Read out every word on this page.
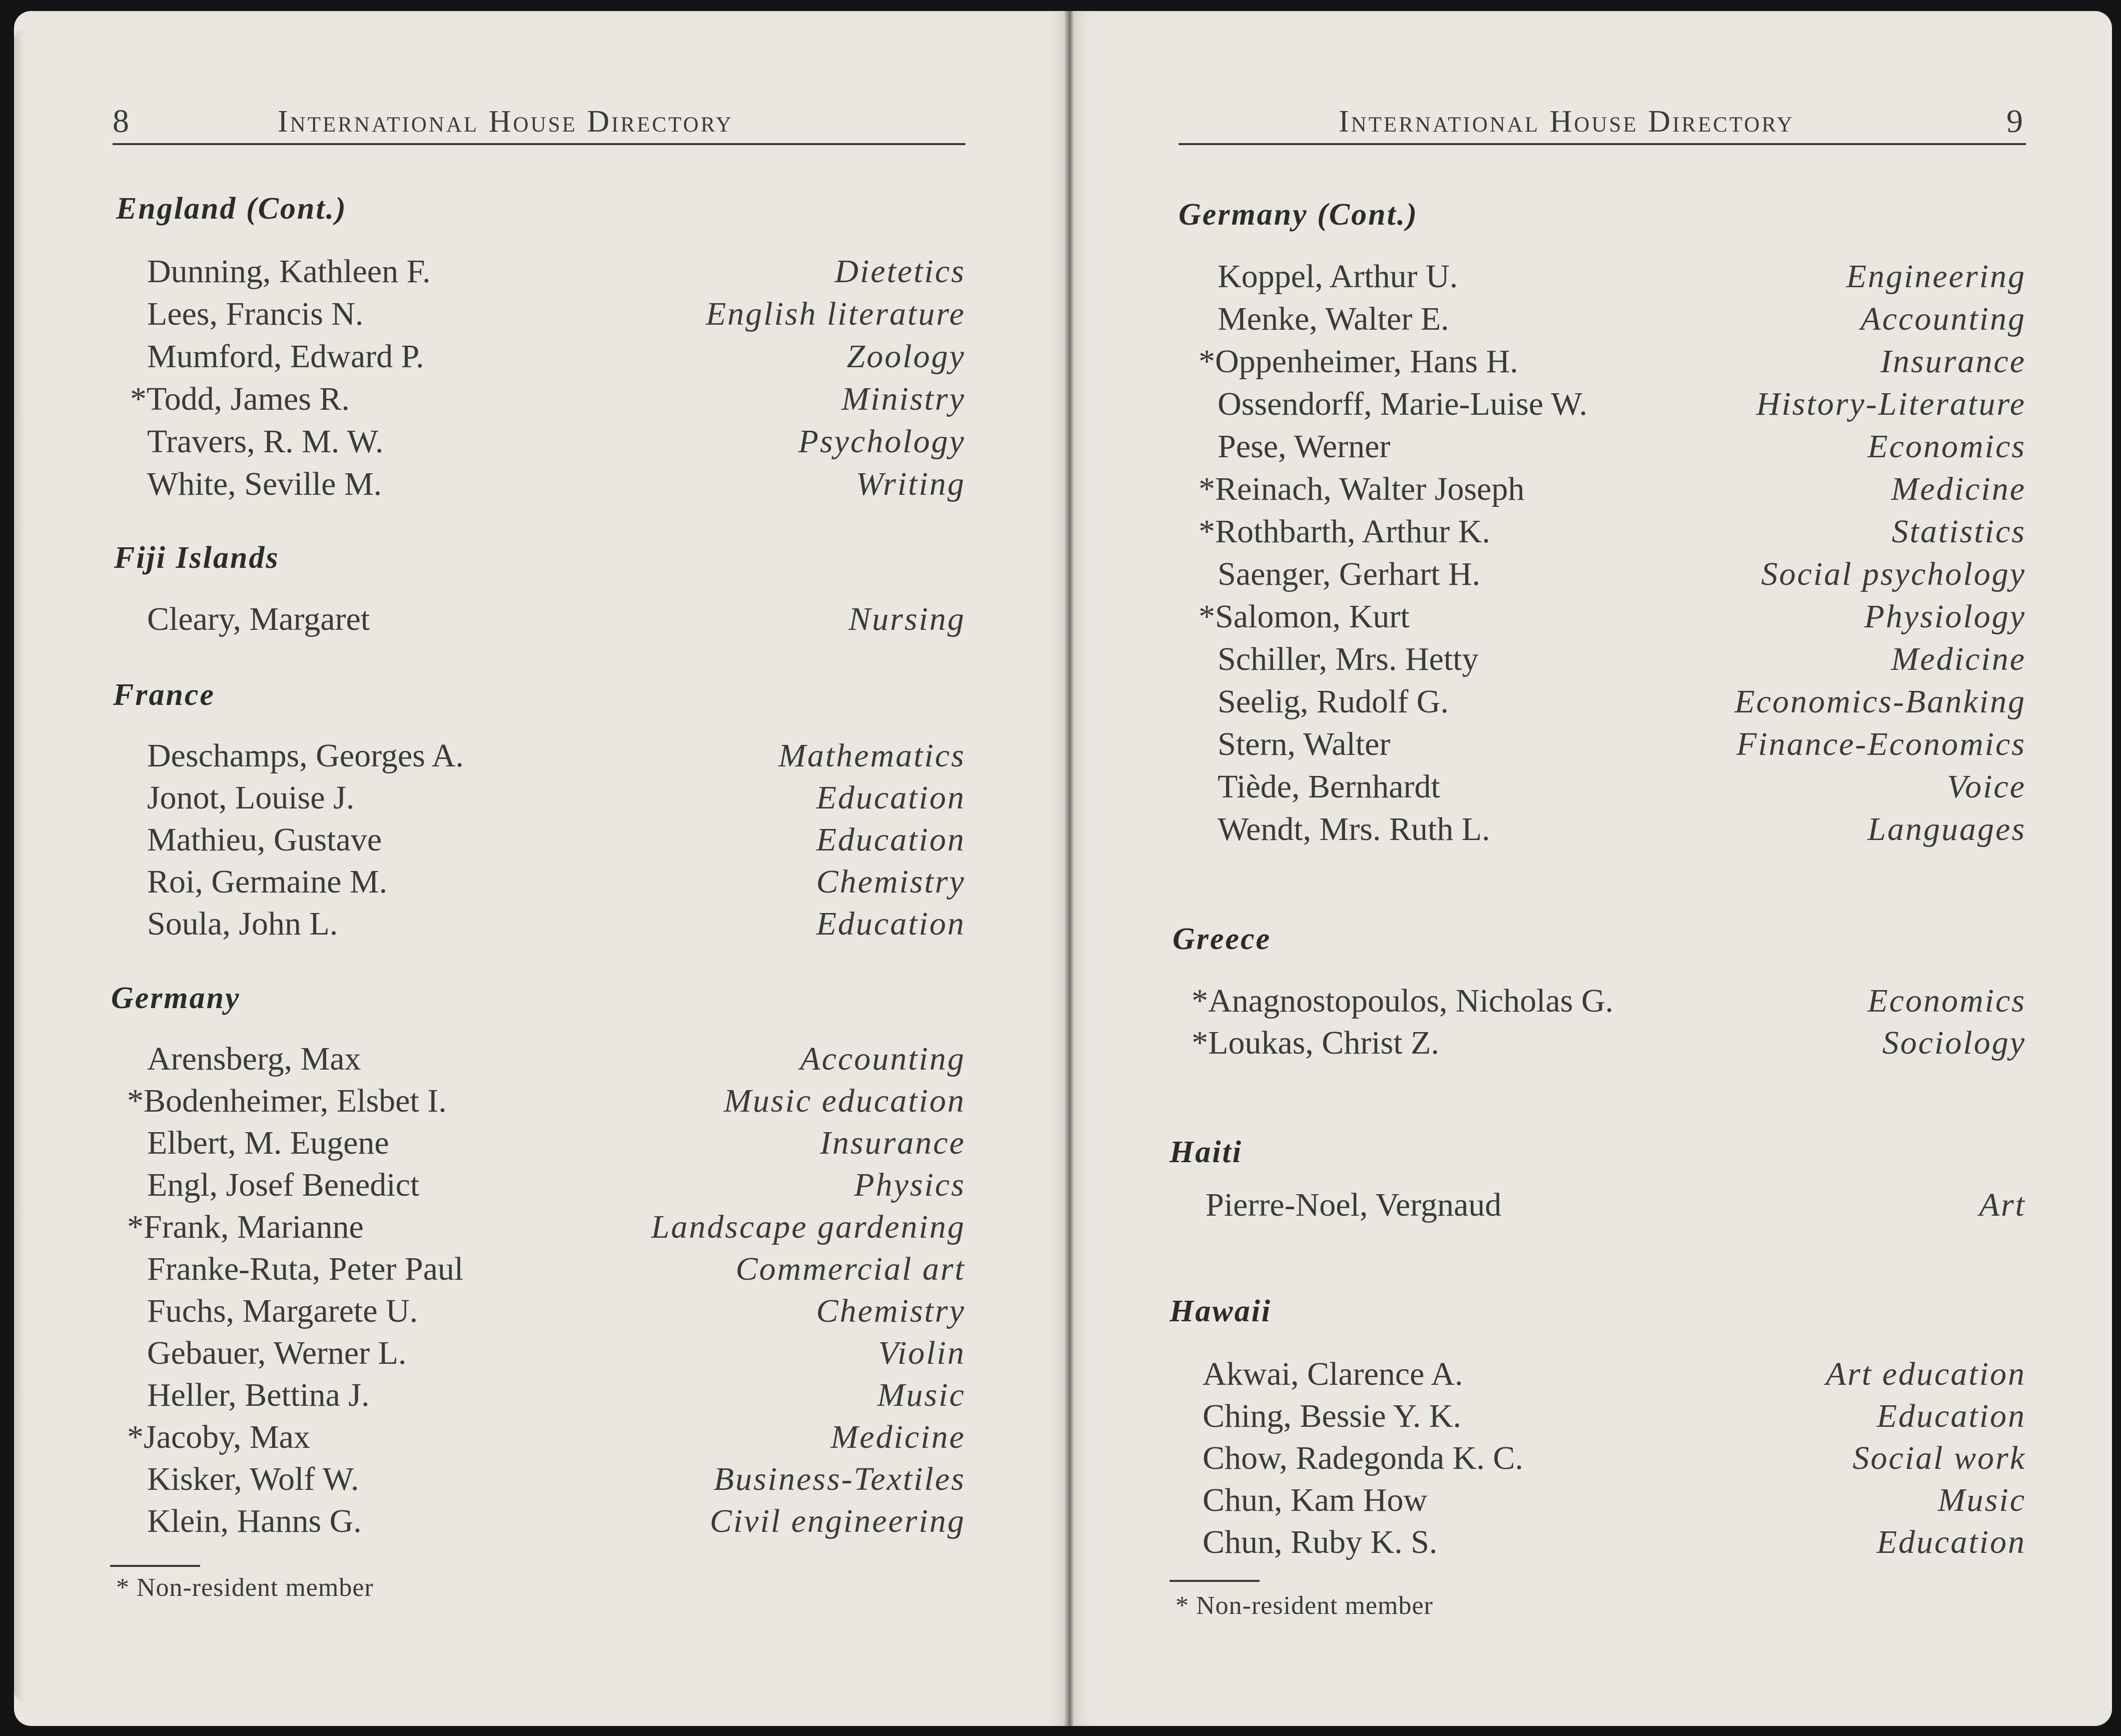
8	International House Directory	International House Directory	9
England (Cont.)
Dunning, Kathleen F.	Dietetics
Lees, Francis N.	English literature
Mumford, Edward P.	Zoology
*Todd, James R.	Ministry
Travers, R. M. W.	Psychology
White, Seville M.	Writing
Fiji Islands
Cleary, Margaret	Nursing
France
Deschamps, Georges A.	Mathematics
Jonot, Louise J.	Education
Mathieu, Gustave	Education
Roi, Germaine M.	Chemistry
Soula, John L.	Education
Germany
Arensberg, Max	Accounting
*Bodenheimer, Elsbet I.	Music education
Elbert, M. Eugene	Insurance
Engl, Josef Benedict	Physics
*Frank, Marianne	Landscape gardening
Franke-Ruta, Peter Paul	Commercial art
Fuchs, Margarete U.	Chemistry
Gebauer, Werner L.	Violin
Heller, Bettina J.	Music
*Jacoby, Max	Medicine
Kisker, Wolf W.	Business-Textiles
Klein, Hanns G.	Civil engineering
* Non-resident member
Germany (Cont.)
Koppel, Arthur U.	Engineering
Menke, Walter E.	Accounting
*Oppenheimer, Hans H.	Insurance
Ossendorff, Marie-Luise W.	History-Literature
Pese, Werner	Economics
*Reinach, Walter Joseph	Medicine
*Rothbarth, Arthur K.	Statistics
Saenger, Gerhart H.	Social psychology
*Salomon, Kurt	Physiology
Schiller, Mrs. Hetty	Medicine
Seelig, Rudolf G.	Economics-Banking
Stern, Walter	Finance-Economics
Tiède, Bernhardt	Voice
Wendt, Mrs. Ruth L.	Languages
Greece
*Anagnostopoulos, Nicholas G.	Economics
*Loukas, Christ Z.	Sociology
Haiti
Pierre-Noel, Vergnaud	Art
Hawaii
Akwai, Clarence A.	Art education
Ching, Bessie Y. K.	Education
Chow, Radegonda K. C.	Social work
Chun, Kam How	Music
Chun, Ruby K. S.	Education
* Non-resident member
